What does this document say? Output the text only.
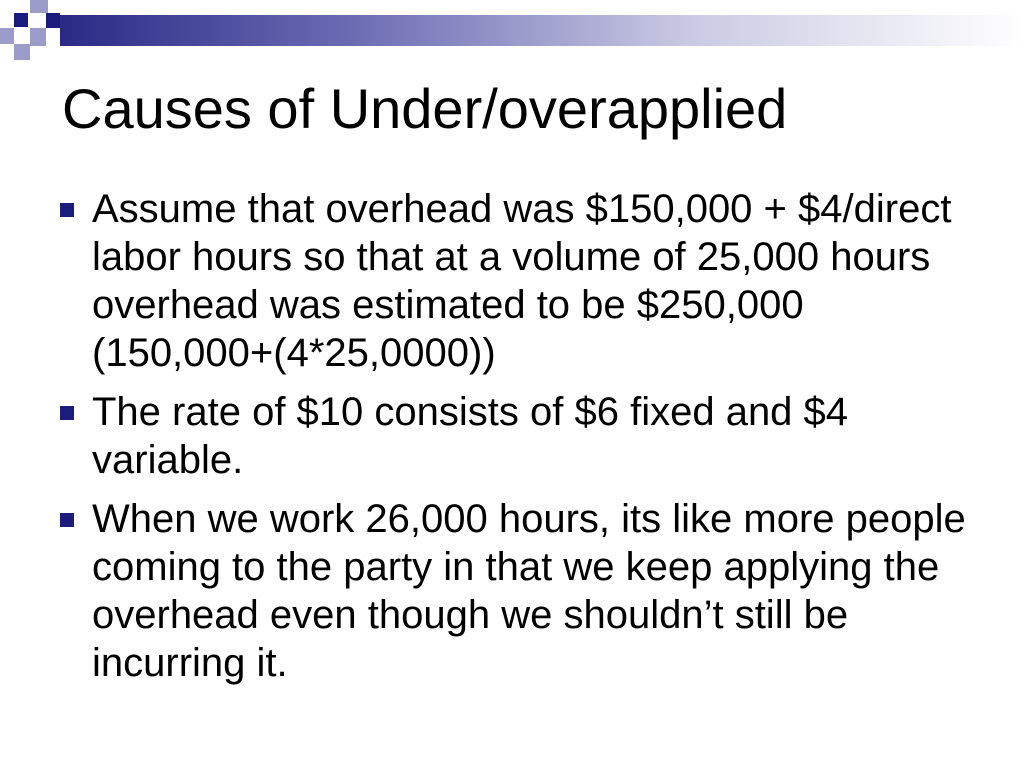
Causes of Under/overapplied
Assume that overhead was $150,000 + $4/direct labor hours so that at a volume of 25,000 hours overhead was estimated to be $250,000 (150,000+(4*25,0000))
The rate of $10 consists of $6 fixed and $4 variable.
When we work 26,000 hours, its like more people coming to the party in that we keep applying the overhead even though we shouldn’t still be incurring it.
